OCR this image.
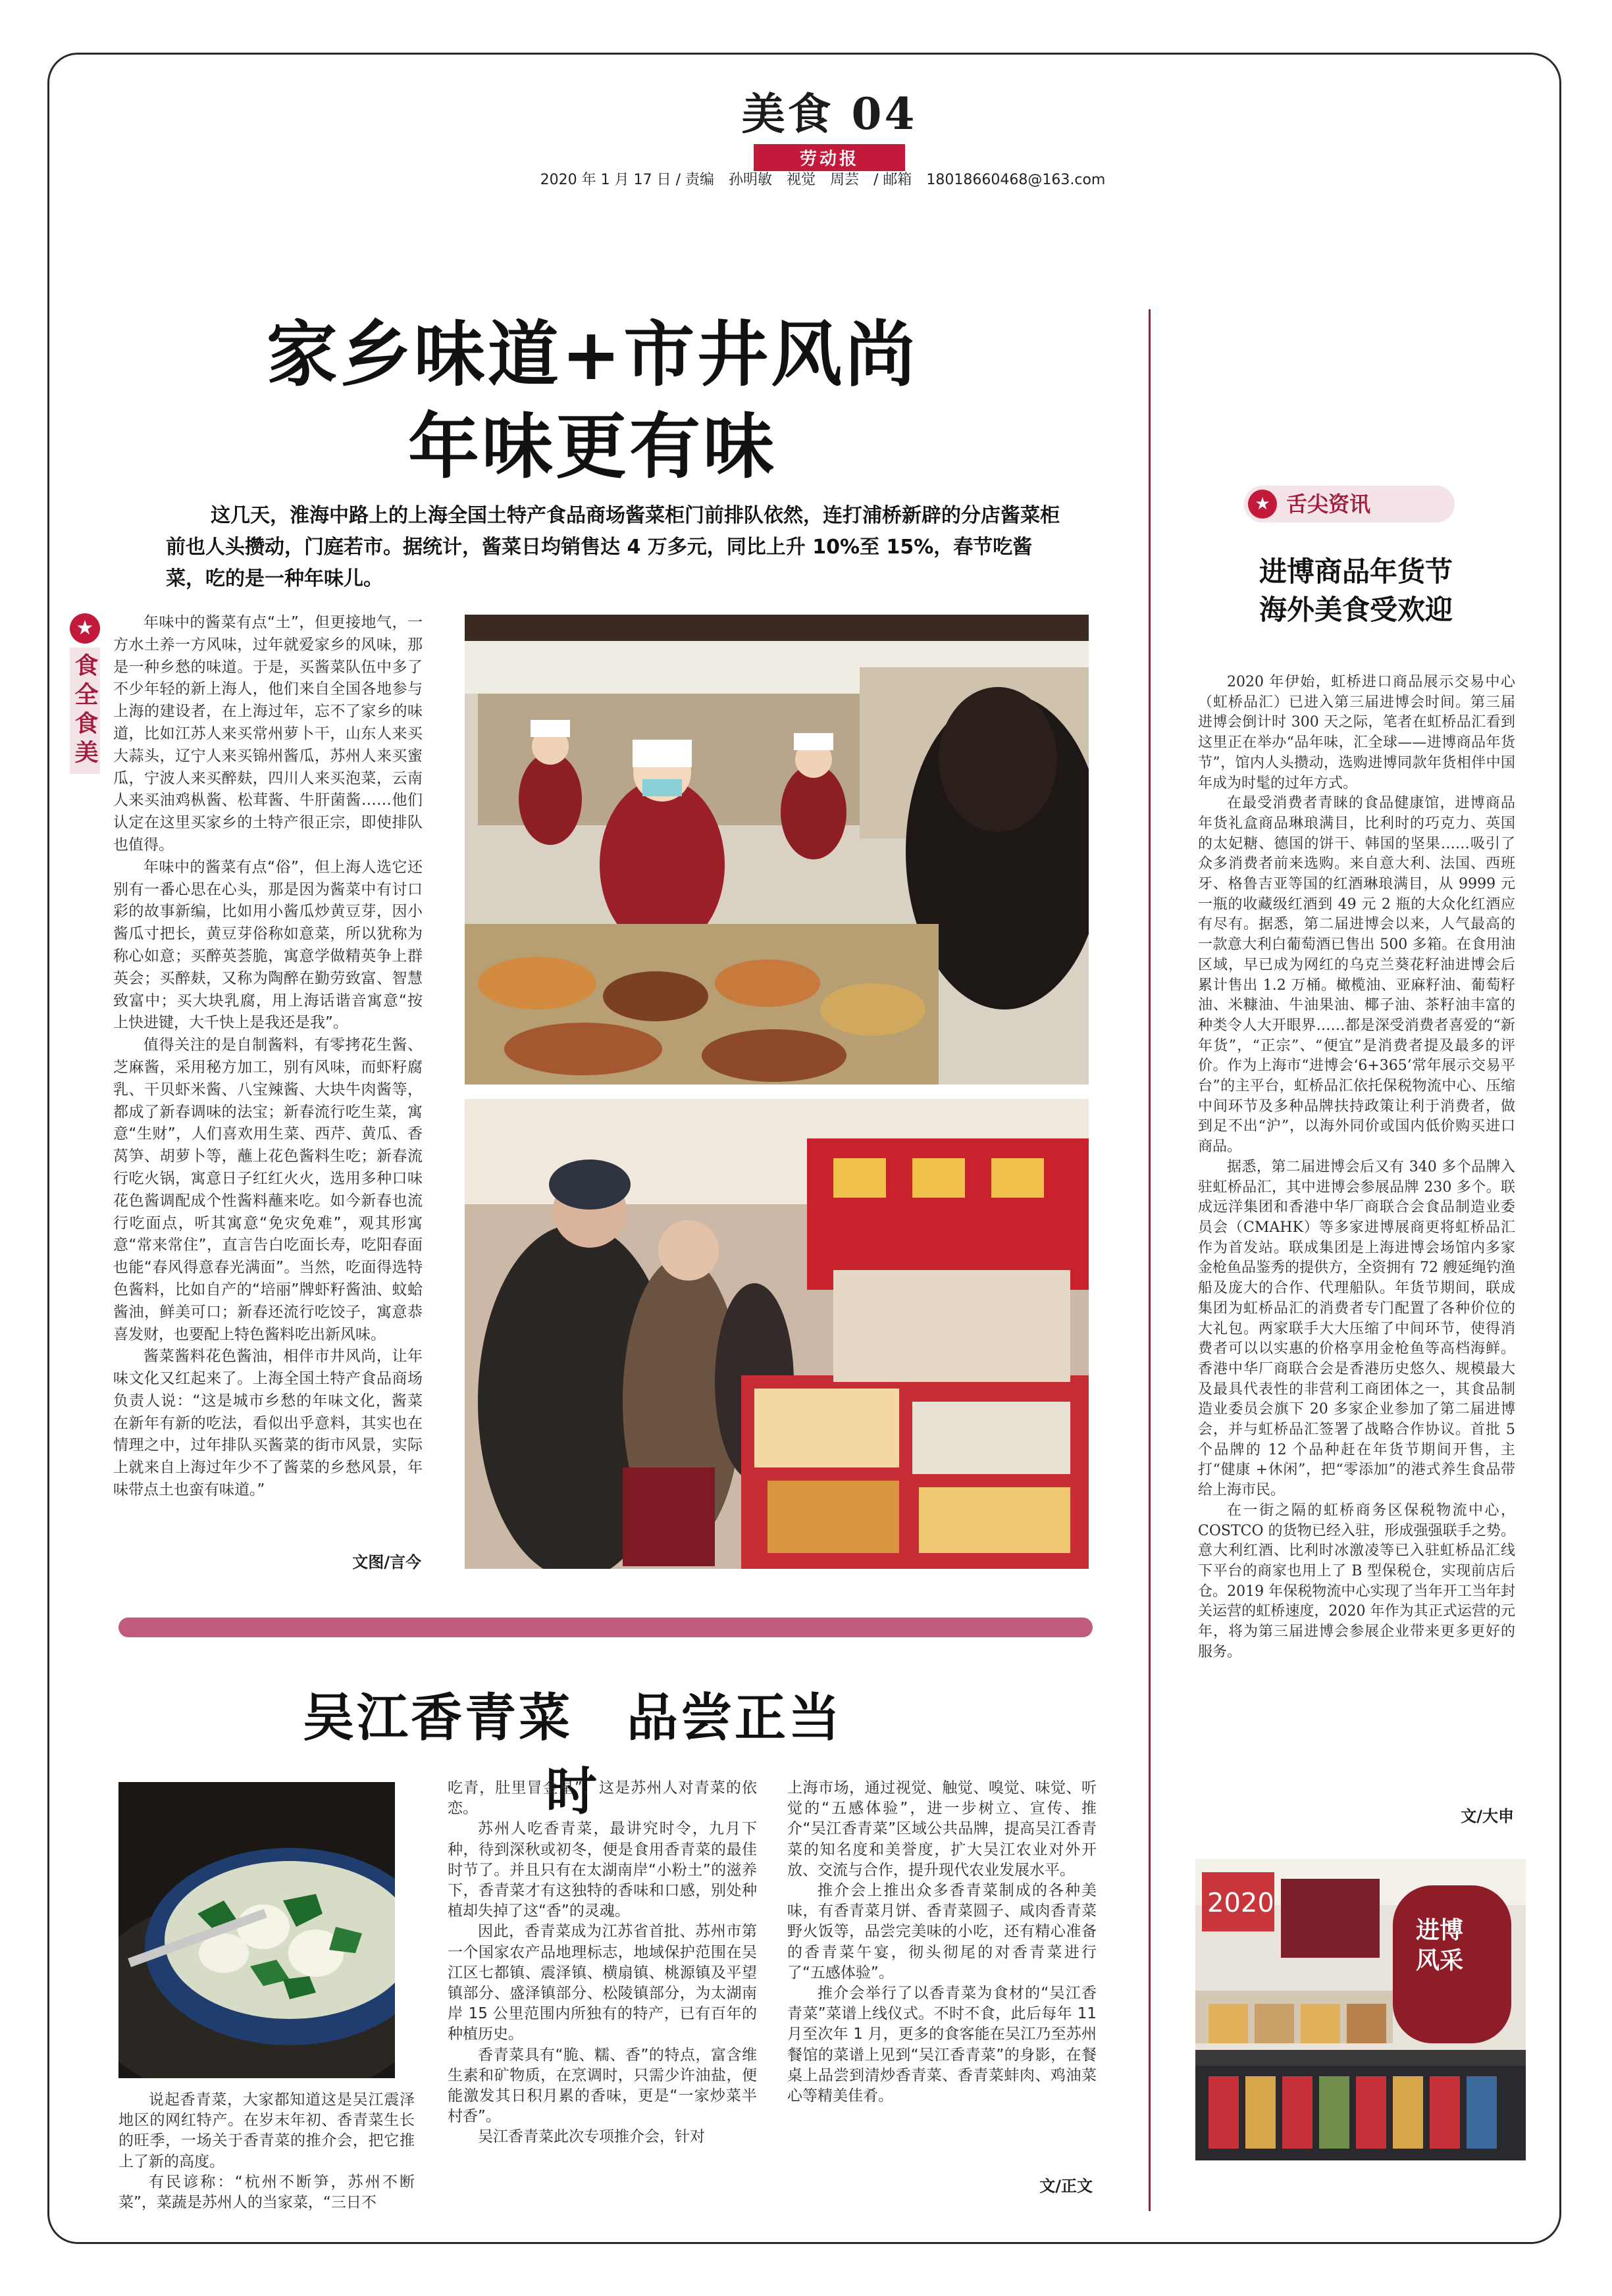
美食 04
劳动报
2020 年 1 月 17 日 / 责编　孙明敏　视觉　周芸　/ 邮箱　18018660468@163.com
家乡味道+市井风尚
年味更有味
这几天，淮海中路上的上海全国土特产食品商场酱菜柜门前排队依然，连打浦桥新辟的分店酱菜柜前也人头攒动，门庭若市。据统计，酱菜日均销售达 4 万多元，同比上升 10%至 15%，春节吃酱菜，吃的是一种年味儿。
★
食全食美

年味中的酱菜有点“土”，但更接地气，一方水土养一方风味，过年就爱家乡的风味，那是一种乡愁的味道。于是，买酱菜队伍中多了不少年轻的新上海人，他们来自全国各地参与上海的建设者，在上海过年，忘不了家乡的味道，比如江苏人来买常州萝卜干，山东人来买大蒜头，辽宁人来买锦州酱瓜，苏州人来买蜜瓜，宁波人来买醉麸，四川人来买泡菜，云南人来买油鸡枞酱、松茸酱、牛肝菌酱……他们认定在这里买家乡的土特产很正宗，即使排队也值得。

年味中的酱菜有点“俗”，但上海人选它还别有一番心思在心头，那是因为酱菜中有讨口彩的故事新编，比如用小酱瓜炒黄豆芽，因小酱瓜寸把长，黄豆芽俗称如意菜，所以犹称为称心如意；买醉英荟脆，寓意学做精英争上群英会；买醉麸，又称为陶醉在勤劳致富、智慧致富中；买大块乳腐，用上海话谐音寓意“按上快进键，大千快上是我还是我”。

值得关注的是自制酱料，有零拷花生酱、芝麻酱，采用秘方加工，别有风味，而虾籽腐乳、干贝虾米酱、八宝辣酱、大块牛肉酱等，都成了新春调味的法宝；新春流行吃生菜，寓意“生财”，人们喜欢用生菜、西芹、黄瓜、香莴笋、胡萝卜等，蘸上花色酱料生吃；新春流行吃火锅，寓意日子红红火火，选用多种口味花色酱调配成个性酱料蘸来吃。如今新春也流行吃面点，听其寓意“免灾免难”，观其形寓意“常来常住”，直言告白吃面长寿，吃阳春面也能“春风得意春光满面”。当然，吃面得选特色酱料，比如自产的“培丽”牌虾籽酱油、蚊蛤酱油，鲜美可口；新春还流行吃饺子，寓意恭喜发财，也要配上特色酱料吃出新风味。

酱菜酱料花色酱油，相伴市井风尚，让年味文化又红起来了。上海全国土特产食品商场负责人说：“这是城市乡愁的年味文化，酱菜在新年有新的吃法，看似出乎意料，其实也在情理之中，过年排队买酱菜的街市风景，实际上就来自上海过年少不了酱菜的乡愁风景，年味带点土也蛮有味道。”

文图/言今
吴江香青菜　品尝正当时

说起香青菜，大家都知道这是吴江震泽地区的网红特产。在岁末年初、香青菜生长的旺季，一场关于香青菜的推介会，把它推上了新的高度。

有民谚称：“杭州不断笋，苏州不断菜”，菜蔬是苏州人的当家菜，“三日不

吃青，肚里冒金星”，这是苏州人对青菜的依恋。

苏州人吃香青菜，最讲究时令，九月下种，待到深秋或初冬，便是食用香青菜的最佳时节了。并且只有在太湖南岸“小粉土”的滋养下，香青菜才有这独特的香味和口感，别处种植却失掉了这“香”的灵魂。

因此，香青菜成为江苏省首批、苏州市第一个国家农产品地理标志，地域保护范围在吴江区七都镇、震泽镇、横扇镇、桃源镇及平望镇部分、盛泽镇部分、松陵镇部分，为太湖南岸 15 公里范围内所独有的特产，已有百年的种植历史。

香青菜具有“脆、糯、香”的特点，富含维生素和矿物质，在烹调时，只需少许油盐，便能激发其日积月累的香味，更是“一家炒菜半村香”。

吴江香青菜此次专项推介会，针对

上海市场，通过视觉、触觉、嗅觉、味觉、听觉的“五感体验”，进一步树立、宣传、推介“吴江香青菜”区域公共品牌，提高吴江香青菜的知名度和美誉度，扩大吴江农业对外开放、交流与合作，提升现代农业发展水平。

推介会上推出众多香青菜制成的各种美味，有香青菜月饼、香青菜圆子、咸肉香青菜野火饭等，品尝完美味的小吃，还有精心准备的香青菜午宴，彻头彻尾的对香青菜进行了“五感体验”。

推介会举行了以香青菜为食材的“吴江香青菜”菜谱上线仪式。不时不食，此后每年 11 月至次年 1 月，更多的食客能在吴江乃至苏州餐馆的菜谱上见到“吴江香青菜”的身影，在餐桌上品尝到清炒香青菜、香青菜蚌肉、鸡油菜心等精美佳肴。

文/正文
★ 舌尖资讯
进博商品年货节
海外美食受欢迎

2020 年伊始，虹桥进口商品展示交易中心（虹桥品汇）已进入第三届进博会时间。第三届进博会倒计时 300 天之际，笔者在虹桥品汇看到这里正在举办“品年味，汇全球——进博商品年货节”，馆内人头攒动，选购进博同款年货相伴中国年成为时髦的过年方式。

在最受消费者青睐的食品健康馆，进博商品年货礼盒商品琳琅满目，比利时的巧克力、英国的太妃糖、德国的饼干、韩国的坚果……吸引了众多消费者前来选购。来自意大利、法国、西班牙、格鲁吉亚等国的红酒琳琅满目，从 9999 元一瓶的收藏级红酒到 49 元 2 瓶的大众化红酒应有尽有。据悉，第二届进博会以来，人气最高的一款意大利白葡萄酒已售出 500 多箱。在食用油区域，早已成为网红的乌克兰葵花籽油进博会后累计售出 1.2 万桶。橄榄油、亚麻籽油、葡萄籽油、米糠油、牛油果油、椰子油、茶籽油丰富的种类令人大开眼界……都是深受消费者喜爱的“新年货”，“正宗”、“便宜”是消费者提及最多的评价。作为上海市“进博会‘6+365’常年展示交易平台”的主平台，虹桥品汇依托保税物流中心、压缩中间环节及多种品牌扶持政策让利于消费者，做到足不出“沪”，以海外同价或国内低价购买进口商品。

据悉，第二届进博会后又有 340 多个品牌入驻虹桥品汇，其中进博会参展品牌 230 多个。联成远洋集团和香港中华厂商联合会食品制造业委员会（CMAHK）等多家进博展商更将虹桥品汇作为首发站。联成集团是上海进博会场馆内多家金枪鱼品鉴秀的提供方，全资拥有 72 艘延绳钓渔船及庞大的合作、代理船队。年货节期间，联成集团为虹桥品汇的消费者专门配置了各种价位的大礼包。两家联手大大压缩了中间环节，使得消费者可以以实惠的价格享用金枪鱼等高档海鲜。香港中华厂商联合会是香港历史悠久、规模最大及最具代表性的非营利工商团体之一，其食品制造业委员会旗下 20 多家企业参加了第二届进博会，并与虹桥品汇签署了战略合作协议。首批 5 个品牌的 12 个品种赶在年货节期间开售，主打“健康 +休闲”，把“零添加”的港式养生食品带给上海市民。

在一街之隔的虹桥商务区保税物流中心，COSTCO 的货物已经入驻，形成强强联手之势。意大利红酒、比利时冰激凌等已入驻虹桥品汇线下平台的商家也用上了 B 型保税仓，实现前店后仓。2019 年保税物流中心实现了当年开工当年封关运营的虹桥速度，2020 年作为其正式运营的元年，将为第三届进博会参展企业带来更多更好的服务。

文/大申
2020
进博
风采
